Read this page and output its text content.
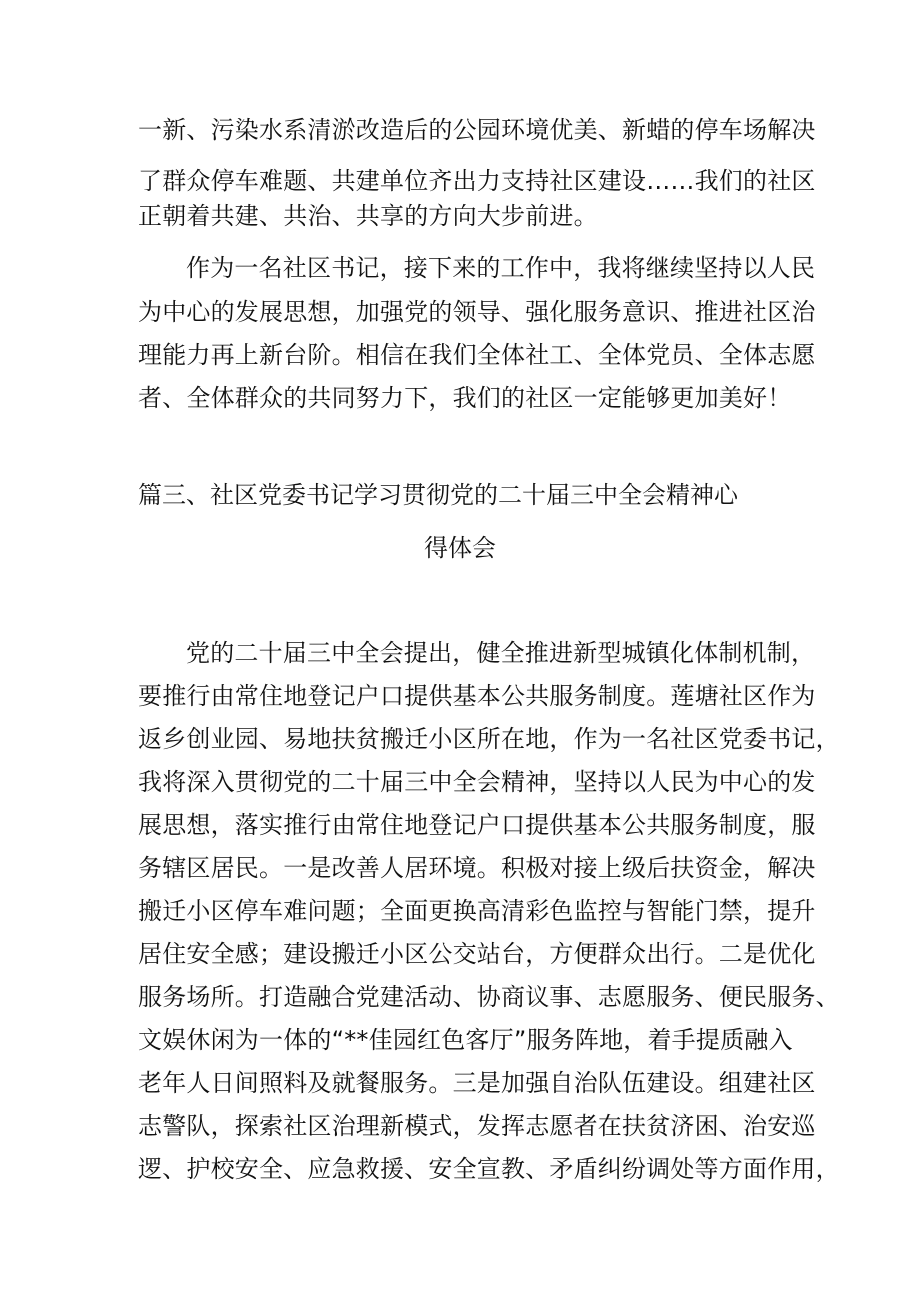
一新、污染水系清淤改造后的公园环境优美、新蜡的停车场解决
了群众停车难题、共建单位齐出力支持社区建设……我们的社区
正朝着共建、共治、共享的方向大步前进。
作为一名社区书记，接下来的工作中，我将继续坚持以人民
为中心的发展思想，加强党的领导、强化服务意识、推进社区治
理能力再上新台阶。相信在我们全体社工、全体党员、全体志愿
者、全体群众的共同努力下，我们的社区一定能够更加美好！
篇三、社区党委书记学习贯彻党的二十届三中全会精神心
得体会
党的二十届三中全会提出，健全推进新型城镇化体制机制，
要推行由常住地登记户口提供基本公共服务制度。莲塘社区作为
返乡创业园、易地扶贫搬迁小区所在地，作为一名社区党委书记，
我将深入贯彻党的二十届三中全会精神，坚持以人民为中心的发
展思想，落实推行由常住地登记户口提供基本公共服务制度，服
务辖区居民。一是改善人居环境。积极对接上级后扶资金，解决
搬迁小区停车难问题；全面更换高清彩色监控与智能门禁，提升
居住安全感；建设搬迁小区公交站台，方便群众出行。二是优化
服务场所。打造融合党建活动、协商议事、志愿服务、便民服务、
文娱休闲为一体的“**佳园红色客厅”服务阵地，着手提质融入
老年人日间照料及就餐服务。三是加强自治队伍建设。组建社区
志警队，探索社区治理新模式，发挥志愿者在扶贫济困、治安巡
逻、护校安全、应急救援、安全宣教、矛盾纠纷调处等方面作用，
